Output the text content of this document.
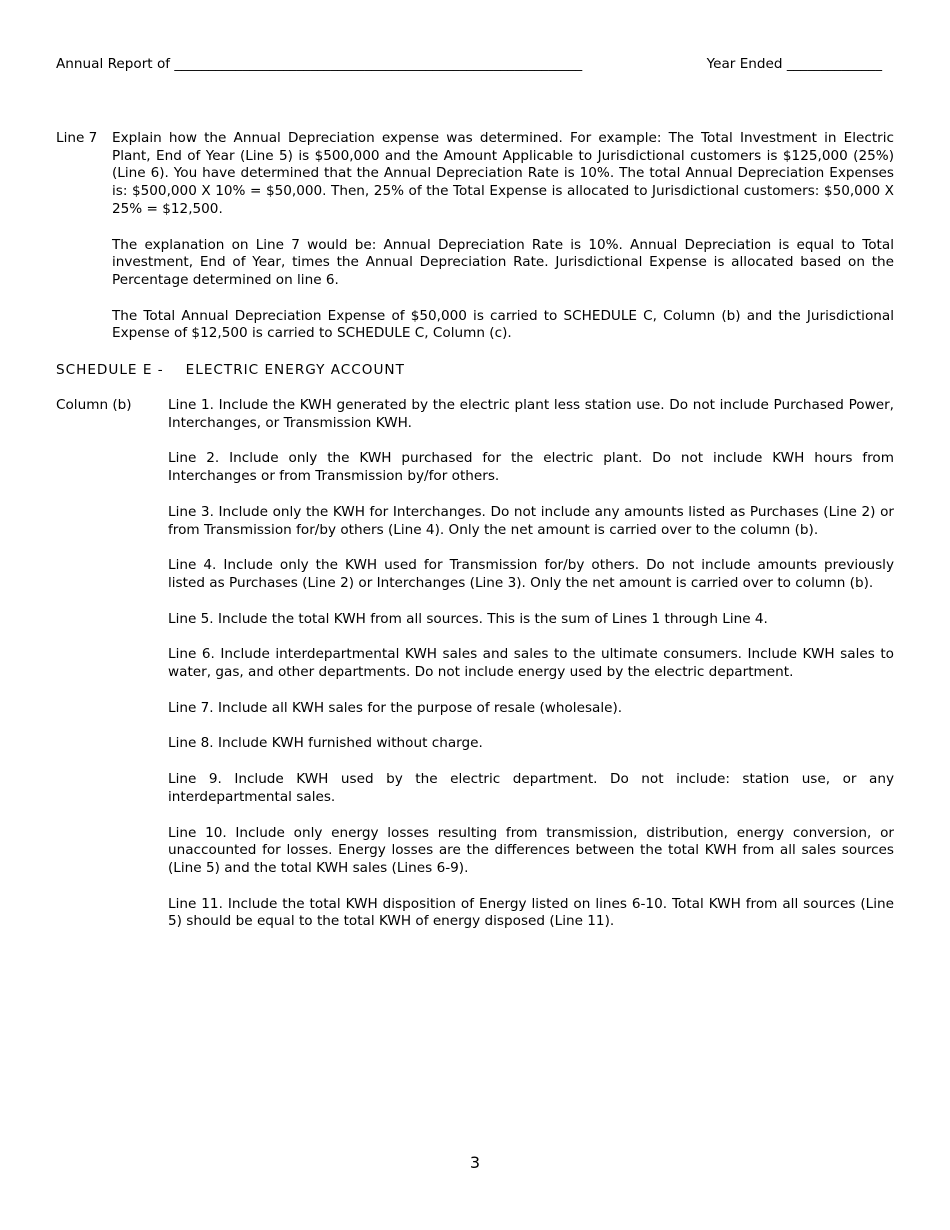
Annual Report of ____________________________________________________________	Year Ended ______________
Line 7	Explain how the Annual Depreciation expense was determined. For example: The Total Investment in Electric Plant, End of Year (Line 5) is $500,000 and the Amount Applicable to Jurisdictional customers is $125,000 (25%) (Line 6). You have determined that the Annual Depreciation Rate is 10%. The total Annual Depreciation Expenses is: $500,000 X 10% = $50,000. Then, 25% of the Total Expense is allocated to Jurisdictional customers: $50,000 X 25% = $12,500.

The explanation on Line 7 would be: Annual Depreciation Rate is 10%. Annual Depreciation is equal to Total investment, End of Year, times the Annual Depreciation Rate. Jurisdictional Expense is allocated based on the Percentage determined on line 6.

The Total Annual Depreciation Expense of $50,000 is carried to SCHEDULE C, Column (b) and the Jurisdictional Expense of $12,500 is carried to SCHEDULE C, Column (c).

SCHEDULE E - ELECTRIC ENERGY ACCOUNT
Column (b)	Line 1. Include the KWH generated by the electric plant less station use. Do not include Purchased Power, Interchanges, or Transmission KWH.

Line 2. Include only the KWH purchased for the electric plant. Do not include KWH hours from Interchanges or from Transmission by/for others.

Line 3. Include only the KWH for Interchanges. Do not include any amounts listed as Purchases (Line 2) or from Transmission for/by others (Line 4). Only the net amount is carried over to the column (b).

Line 4. Include only the KWH used for Transmission for/by others. Do not include amounts previously listed as Purchases (Line 2) or Interchanges (Line 3). Only the net amount is carried over to column (b).

Line 5. Include the total KWH from all sources. This is the sum of Lines 1 through Line 4.

Line 6. Include interdepartmental KWH sales and sales to the ultimate consumers. Include KWH sales to water, gas, and other departments. Do not include energy used by the electric department.

Line 7. Include all KWH sales for the purpose of resale (wholesale).

Line 8. Include KWH furnished without charge.

Line 9. Include KWH used by the electric department. Do not include: station use, or any interdepartmental sales.

Line 10. Include only energy losses resulting from transmission, distribution, energy conversion, or unaccounted for losses. Energy losses are the differences between the total KWH from all sales sources (Line 5) and the total KWH sales (Lines 6-9).

Line 11. Include the total KWH disposition of Energy listed on lines 6-10. Total KWH from all sources (Line 5) should be equal to the total KWH of energy disposed (Line 11).

3
